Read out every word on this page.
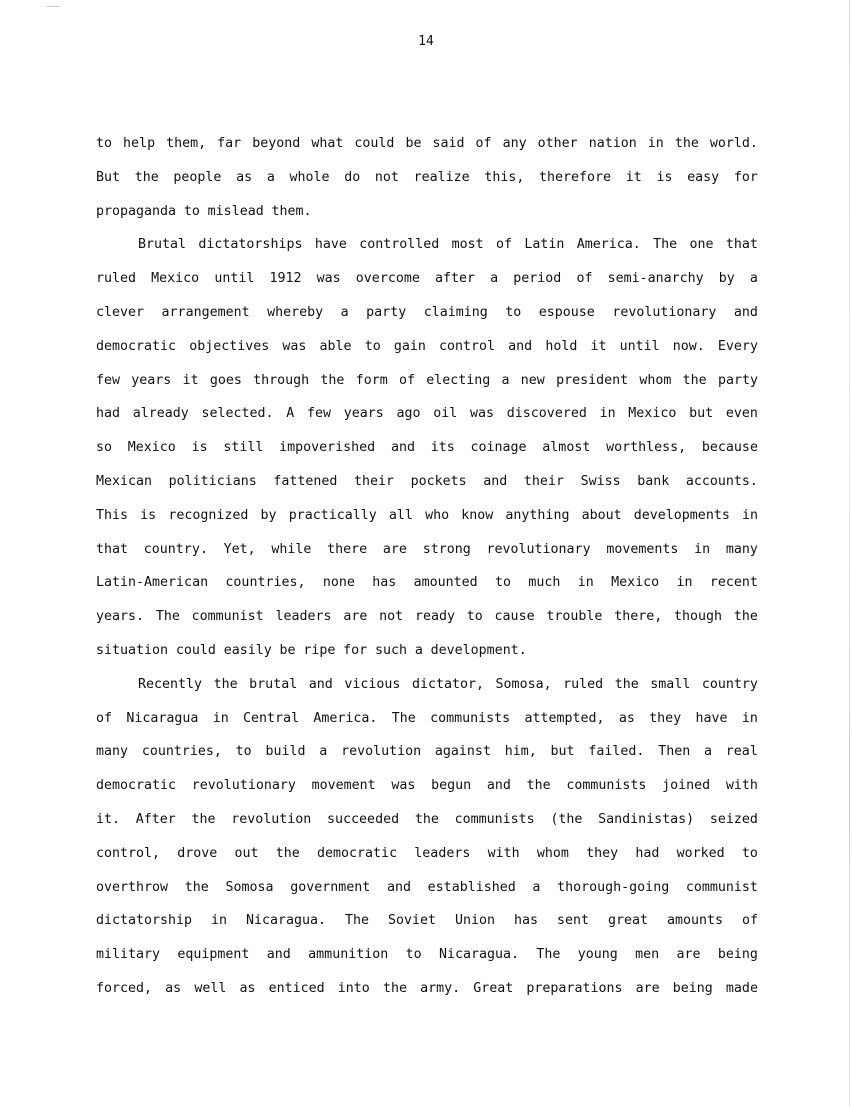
14
to help them, far beyond what could be said of any other nation in the world.
But the people as a whole do not realize this, therefore it is easy for
propaganda to mislead them.
Brutal dictatorships have controlled most of Latin America. The one that
ruled Mexico until 1912 was overcome after a period of semi-anarchy by a
clever arrangement whereby a party claiming to espouse revolutionary and
democratic objectives was able to gain control and hold it until now. Every
few years it goes through the form of electing a new president whom the party
had already selected. A few years ago oil was discovered in Mexico but even
so Mexico is still impoverished and its coinage almost worthless, because
Mexican politicians fattened their pockets and their Swiss bank accounts.
This is recognized by practically all who know anything about developments in
that country. Yet, while there are strong revolutionary movements in many
Latin-American countries, none has amounted to much in Mexico in recent
years. The communist leaders are not ready to cause trouble there, though the
situation could easily be ripe for such a development.
Recently the brutal and vicious dictator, Somosa, ruled the small country
of Nicaragua in Central America. The communists attempted, as they have in
many countries, to build a revolution against him, but failed. Then a real
democratic revolutionary movement was begun and the communists joined with
it. After the revolution succeeded the communists (the Sandinistas) seized
control, drove out the democratic leaders with whom they had worked to
overthrow the Somosa government and established a thorough-going communist
dictatorship in Nicaragua. The Soviet Union has sent great amounts of
military equipment and ammunition to Nicaragua. The young men are being
forced, as well as enticed into the army. Great preparations are being made
